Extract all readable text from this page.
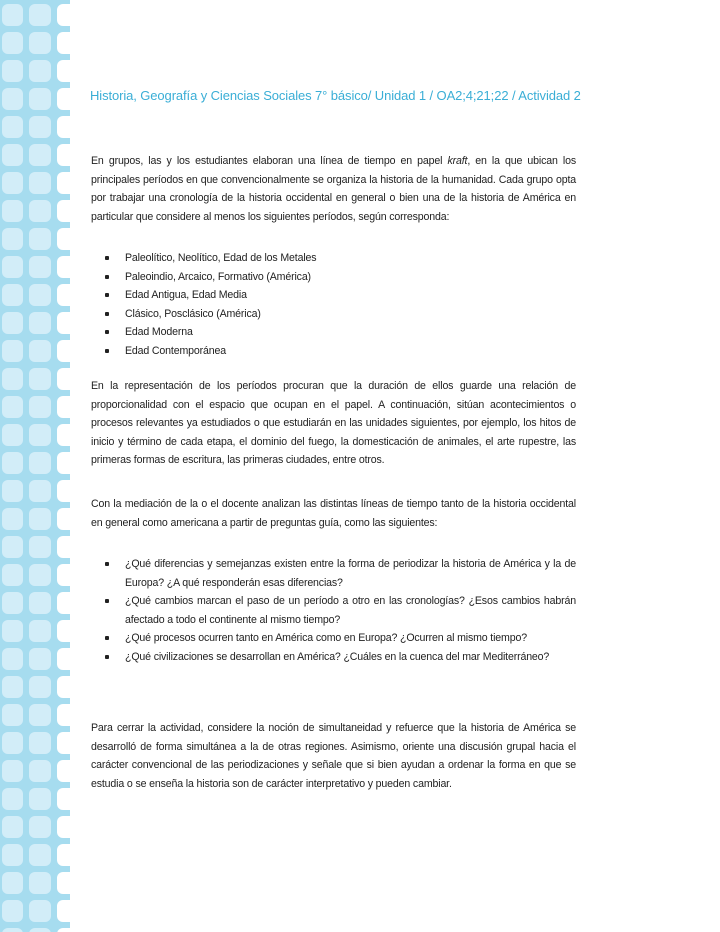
Historia, Geografía y Ciencias Sociales 7° básico/ Unidad 1 / OA2;4;21;22 / Actividad 2

En grupos, las y los estudiantes elaboran una línea de tiempo en papel kraft, en la que ubican los principales períodos en que convencionalmente se organiza la historia de la humanidad. Cada grupo opta por trabajar una cronología de la historia occidental en general o bien una de la historia de América en particular que considere al menos los siguientes períodos, según corresponda:

Paleolítico, Neolítico, Edad de los Metales
Paleoindio, Arcaico, Formativo (América)
Edad Antigua, Edad Media
Clásico, Posclásico (América)
Edad Moderna
Edad Contemporánea

En la representación de los períodos procuran que la duración de ellos guarde una relación de proporcionalidad con el espacio que ocupan en el papel. A continuación, sitúan acontecimientos o procesos relevantes ya estudiados o que estudiarán en las unidades siguientes, por ejemplo, los hitos de inicio y término de cada etapa, el dominio del fuego, la domesticación de animales, el arte rupestre, las primeras formas de escritura, las primeras ciudades, entre otros.

Con la mediación de la o el docente analizan las distintas líneas de tiempo tanto de la historia occidental en general como americana a partir de preguntas guía, como las siguientes:

¿Qué diferencias y semejanzas existen entre la forma de periodizar la historia de América y la de Europa? ¿A qué responderán esas diferencias?
¿Qué cambios marcan el paso de un período a otro en las cronologías? ¿Esos cambios habrán afectado a todo el continente al mismo tiempo?
¿Qué procesos ocurren tanto en América como en Europa? ¿Ocurren al mismo tiempo?
¿Qué civilizaciones se desarrollan en América? ¿Cuáles en la cuenca del mar Mediterráneo?

Para cerrar la actividad, considere la noción de simultaneidad y refuerce que la historia de América se desarrolló de forma simultánea a la de otras regiones. Asimismo, oriente una discusión grupal hacia el carácter convencional de las periodizaciones y señale que si bien ayudan a ordenar la forma en que se estudia o se enseña la historia son de carácter interpretativo y pueden cambiar.
